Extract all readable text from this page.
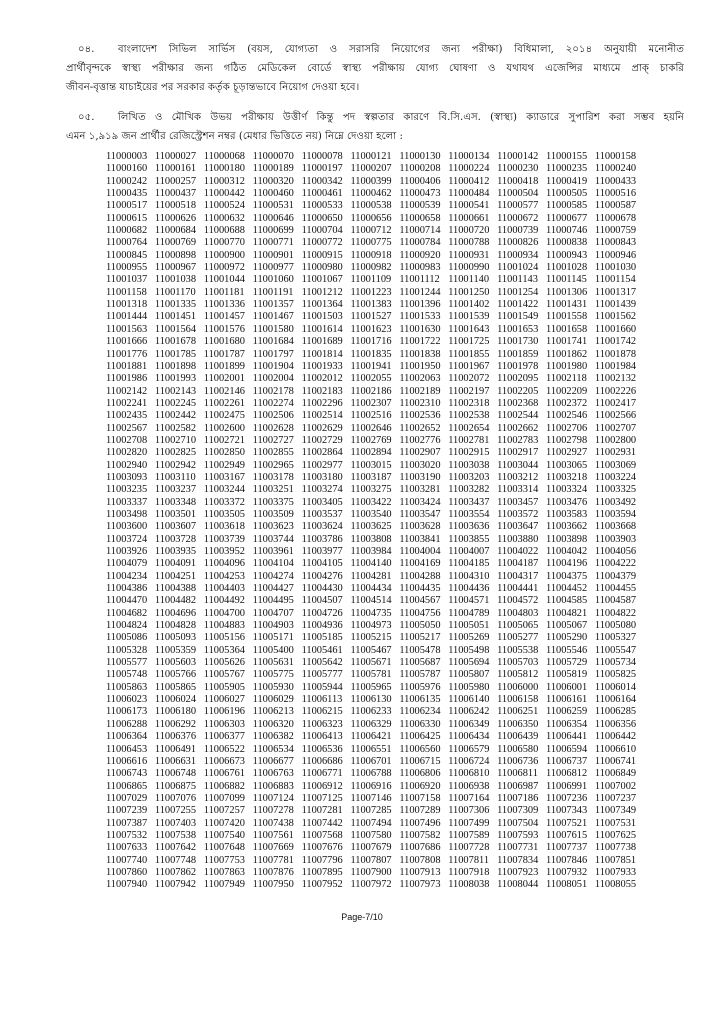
০৪.	বাংলাদেশ সিভিল সার্ভিস (বয়স, যোগ্যতা ও সরাসরি নিয়োগের জন্য পরীক্ষা) বিধিমালা, ২০১৪ অনুযায়ী মনোনীত
প্রার্থীবৃন্দকে স্বাস্থ্য পরীক্ষার জন্য গঠিত মেডিকেল বোর্ডে স্বাস্থ্য পরীক্ষায় যোগ্য ঘোষণা ও যথাযথ এজেন্সির মাধ্যমে প্রাক্ চাকরি
জীবন-বৃত্তান্ত যাচাইয়ের পর সরকার কর্তৃক চূড়ান্তভাবে নিয়োগ দেওয়া হবে।
০৫.	লিখিত ও মৌখিক উভয় পরীক্ষায় উত্তীর্ণ কিন্তু পদ স্বল্পতার কারণে বি.সি.এস. (স্বাস্থ্য) ক্যাডারে সুপারিশ করা সম্ভব হয়নি
এমন ১,৯১৯ জন প্রার্থীর রেজিস্ট্রেশন নম্বর (মেধার ভিত্তিতে নয়) নিম্নে দেওয়া হলো :
11000003 11000027 11000068 11000070 11000078 11000121 11000130 11000134 11000142 11000155 11000158
11000160 11000161 11000180 11000189 11000197 11000207 11000208 11000224 11000230 11000235 11000240
11000242 11000257 11000312 11000320 11000342 11000399 11000406 11000412 11000418 11000419 11000433
11000435 11000437 11000442 11000460 11000461 11000462 11000473 11000484 11000504 11000505 11000516
11000517 11000518 11000524 11000531 11000533 11000538 11000539 11000541 11000577 11000585 11000587
11000615 11000626 11000632 11000646 11000650 11000656 11000658 11000661 11000672 11000677 11000678
11000682 11000684 11000688 11000699 11000704 11000712 11000714 11000720 11000739 11000746 11000759
11000764 11000769 11000770 11000771 11000772 11000775 11000784 11000788 11000826 11000838 11000843
11000845 11000898 11000900 11000901 11000915 11000918 11000920 11000931 11000934 11000943 11000946
11000955 11000967 11000972 11000977 11000980 11000982 11000983 11000990 11001024 11001028 11001030
11001037 11001038 11001044 11001060 11001067 11001109 11001112 11001140 11001143 11001145 11001154
11001158 11001170 11001181 11001191 11001212 11001223 11001244 11001250 11001254 11001306 11001317
11001318 11001335 11001336 11001357 11001364 11001383 11001396 11001402 11001422 11001431 11001439
11001444 11001451 11001457 11001467 11001503 11001527 11001533 11001539 11001549 11001558 11001562
11001563 11001564 11001576 11001580 11001614 11001623 11001630 11001643 11001653 11001658 11001660
11001666 11001678 11001680 11001684 11001689 11001716 11001722 11001725 11001730 11001741 11001742
11001776 11001785 11001787 11001797 11001814 11001835 11001838 11001855 11001859 11001862 11001878
11001881 11001898 11001899 11001904 11001933 11001941 11001950 11001967 11001978 11001980 11001984
11001986 11001993 11002001 11002004 11002012 11002055 11002063 11002072 11002095 11002118 11002132
11002142 11002143 11002146 11002178 11002183 11002186 11002189 11002197 11002205 11002209 11002226
11002241 11002245 11002261 11002274 11002296 11002307 11002310 11002318 11002368 11002372 11002417
11002435 11002442 11002475 11002506 11002514 11002516 11002536 11002538 11002544 11002546 11002566
11002567 11002582 11002600 11002628 11002629 11002646 11002652 11002654 11002662 11002706 11002707
11002708 11002710 11002721 11002727 11002729 11002769 11002776 11002781 11002783 11002798 11002800
11002820 11002825 11002850 11002855 11002864 11002894 11002907 11002915 11002917 11002927 11002931
11002940 11002942 11002949 11002965 11002977 11003015 11003020 11003038 11003044 11003065 11003069
11003093 11003110 11003167 11003178 11003180 11003187 11003190 11003203 11003212 11003218 11003224
11003235 11003237 11003244 11003251 11003274 11003275 11003281 11003282 11003314 11003324 11003325
11003337 11003348 11003372 11003375 11003405 11003422 11003424 11003437 11003457 11003476 11003492
11003498 11003501 11003505 11003509 11003537 11003540 11003547 11003554 11003572 11003583 11003594
11003600 11003607 11003618 11003623 11003624 11003625 11003628 11003636 11003647 11003662 11003668
11003724 11003728 11003739 11003744 11003786 11003808 11003841 11003855 11003880 11003898 11003903
11003926 11003935 11003952 11003961 11003977 11003984 11004004 11004007 11004022 11004042 11004056
11004079 11004091 11004096 11004104 11004105 11004140 11004169 11004185 11004187 11004196 11004222
11004234 11004251 11004253 11004274 11004276 11004281 11004288 11004310 11004317 11004375 11004379
11004386 11004388 11004403 11004427 11004430 11004434 11004435 11004436 11004441 11004452 11004455
11004470 11004482 11004492 11004495 11004507 11004514 11004567 11004571 11004572 11004585 11004587
11004682 11004696 11004700 11004707 11004726 11004735 11004756 11004789 11004803 11004821 11004822
11004824 11004828 11004883 11004903 11004936 11004973 11005050 11005051 11005065 11005067 11005080
11005086 11005093 11005156 11005171 11005185 11005215 11005217 11005269 11005277 11005290 11005327
11005328 11005359 11005364 11005400 11005461 11005467 11005478 11005498 11005538 11005546 11005547
11005577 11005603 11005626 11005631 11005642 11005671 11005687 11005694 11005703 11005729 11005734
11005748 11005766 11005767 11005775 11005777 11005781 11005787 11005807 11005812 11005819 11005825
11005863 11005865 11005905 11005930 11005944 11005965 11005976 11005980 11006000 11006001 11006014
11006023 11006024 11006027 11006029 11006113 11006130 11006135 11006140 11006158 11006161 11006164
11006173 11006180 11006196 11006213 11006215 11006233 11006234 11006242 11006251 11006259 11006285
11006288 11006292 11006303 11006320 11006323 11006329 11006330 11006349 11006350 11006354 11006356
11006364 11006376 11006377 11006382 11006413 11006421 11006425 11006434 11006439 11006441 11006442
11006453 11006491 11006522 11006534 11006536 11006551 11006560 11006579 11006580 11006594 11006610
11006616 11006631 11006673 11006677 11006686 11006701 11006715 11006724 11006736 11006737 11006741
11006743 11006748 11006761 11006763 11006771 11006788 11006806 11006810 11006811 11006812 11006849
11006865 11006875 11006882 11006883 11006912 11006916 11006920 11006938 11006987 11006991 11007002
11007029 11007076 11007099 11007124 11007125 11007146 11007158 11007164 11007186 11007236 11007237
11007239 11007255 11007257 11007278 11007281 11007285 11007289 11007306 11007309 11007343 11007349
11007387 11007403 11007420 11007438 11007442 11007494 11007496 11007499 11007504 11007521 11007531
11007532 11007538 11007540 11007561 11007568 11007580 11007582 11007589 11007593 11007615 11007625
11007633 11007642 11007648 11007669 11007676 11007679 11007686 11007728 11007731 11007737 11007738
11007740 11007748 11007753 11007781 11007796 11007807 11007808 11007811 11007834 11007846 11007851
11007860 11007862 11007863 11007876 11007895 11007900 11007913 11007918 11007923 11007932 11007933
11007940 11007942 11007949 11007950 11007952 11007972 11007973 11008038 11008044 11008051 11008055
Page-7/10
